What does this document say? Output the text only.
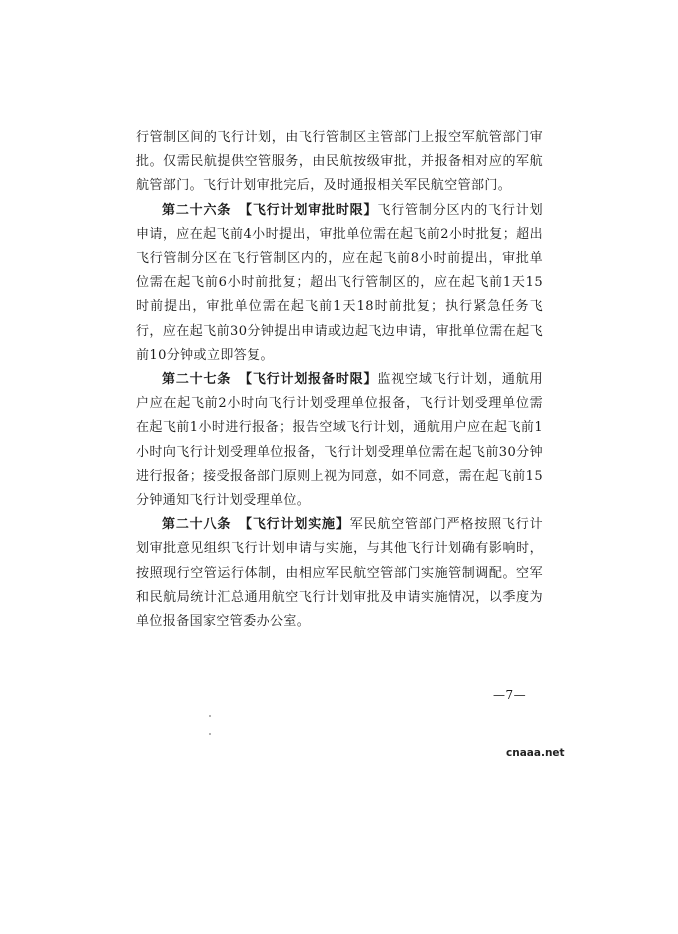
行管制区间的飞行计划，由飞行管制区主管部门上报空军航管部门审批。仅需民航提供空管服务，由民航按级审批，并报备相对应的军航航管部门。飞行计划审批完后，及时通报相关军民航空管部门。

第二十六条 【飞行计划审批时限】飞行管制分区内的飞行计划申请，应在起飞前4小时提出，审批单位需在起飞前2小时批复；超出飞行管制分区在飞行管制区内的，应在起飞前8小时前提出，审批单位需在起飞前6小时前批复；超出飞行管制区的，应在起飞前1天15时前提出，审批单位需在起飞前1天18时前批复；执行紧急任务飞行，应在起飞前30分钟提出申请或边起飞边申请，审批单位需在起飞前10分钟或立即答复。

第二十七条 【飞行计划报备时限】监视空域飞行计划，通航用户应在起飞前2小时向飞行计划受理单位报备，飞行计划受理单位需在起飞前1小时进行报备；报告空域飞行计划，通航用户应在起飞前1小时向飞行计划受理单位报备，飞行计划受理单位需在起飞前30分钟进行报备；接受报备部门原则上视为同意，如不同意，需在起飞前15分钟通知飞行计划受理单位。

第二十八条 【飞行计划实施】军民航空管部门严格按照飞行计划审批意见组织飞行计划申请与实施，与其他飞行计划确有影响时，按照现行空管运行体制，由相应军民航空管部门实施管制调配。空军和民航局统计汇总通用航空飞行计划审批及申请实施情况，以季度为单位报备国家空管委办公室。

—7—
cnaaa.net
